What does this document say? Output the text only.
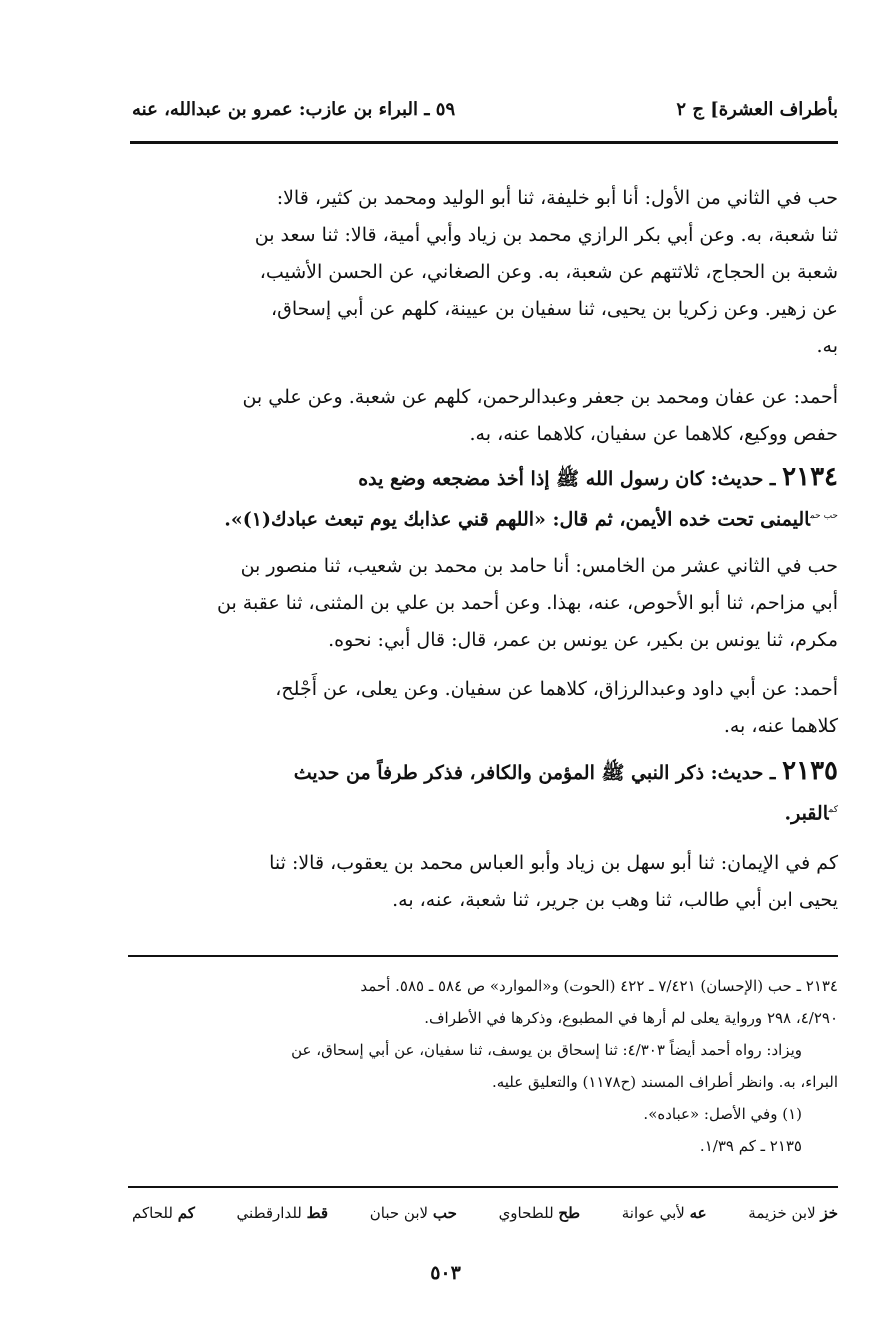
بأطراف العشرة] ج ٢
٥٩ ـ البراء بن عازب: عمرو بن عبدالله، عنه

حب في الثاني من الأول: أنا أبو خليفة، ثنا أبو الوليد ومحمد بن كثير، قالا:

ثنا شعبة، به. وعن أبي بكر الرازي محمد بن زياد وأبي أمية، قالا: ثنا سعد بن

شعبة بن الحجاج، ثلاثتهم عن شعبة، به. وعن الصغاني، عن الحسن الأشيب،

عن زهير. وعن زكريا بن يحيى، ثنا سفيان بن عيينة، كلهم عن أبي إسحاق،

به.

أحمد: عن عفان ومحمد بن جعفر وعبدالرحمن، كلهم عن شعبة. وعن علي بن

حفص ووكيع، كلاهما عن سفيان، كلاهما عنه، به.

٢١٣٤ ـ حديث: كان رسول الله ﷺ إذا أخذ مضجعه وضع يده

$^{حب حم}$اليمنى تحت خده الأيمن، ثم قال: «اللهم قني عذابك يوم تبعث عبادك(١)».

حب في الثاني عشر من الخامس: أنا حامد بن محمد بن شعيب، ثنا منصور بن

أبي مزاحم، ثنا أبو الأحوص، عنه، بهذا. وعن أحمد بن علي بن المثنى، ثنا عقبة بن

مكرم، ثنا يونس بن بكير، عن يونس بن عمر، قال: قال أبي: نحوه.

أحمد: عن أبي داود وعبدالرزاق، كلاهما عن سفيان. وعن يعلى، عن أَجْلح،

كلاهما عنه، به.

٢١٣٥ ـ حديث: ذكر النبي ﷺ المؤمن والكافر، فذكر طرفاً من حديث

$^{كم}$القبر.

كم في الإيمان: ثنا أبو سهل بن زياد وأبو العباس محمد بن يعقوب، قالا: ثنا

يحيى ابن أبي طالب، ثنا وهب بن جرير، ثنا شعبة، عنه، به.

٢١٣٤ ـ حب (الإحسان) ٧/٤٢١ ـ ٤٢٢ (الحوت) و«الموارد» ص ٥٨٤ ـ ٥٨٥. أحمد

٤/٢٩٠، ٢٩٨ ورواية يعلى لم أرها في المطبوع، وذكرها في الأطراف.

ويزاد: رواه أحمد أيضاً ٤/٣٠٣: ثنا إسحاق بن يوسف، ثنا سفيان، عن أبي إسحاق، عن

البراء، به. وانظر أطراف المسند (ح١١٧٨) والتعليق عليه.

(١) وفي الأصل: «عباده».

٢١٣٥ ـ كم ١/٣٩.

خز لابن خزيمة
عه لأبي عوانة
طح للطحاوي
حب لابن حبان
قط للدارقطني
كم للحاكم
٥٠٣
